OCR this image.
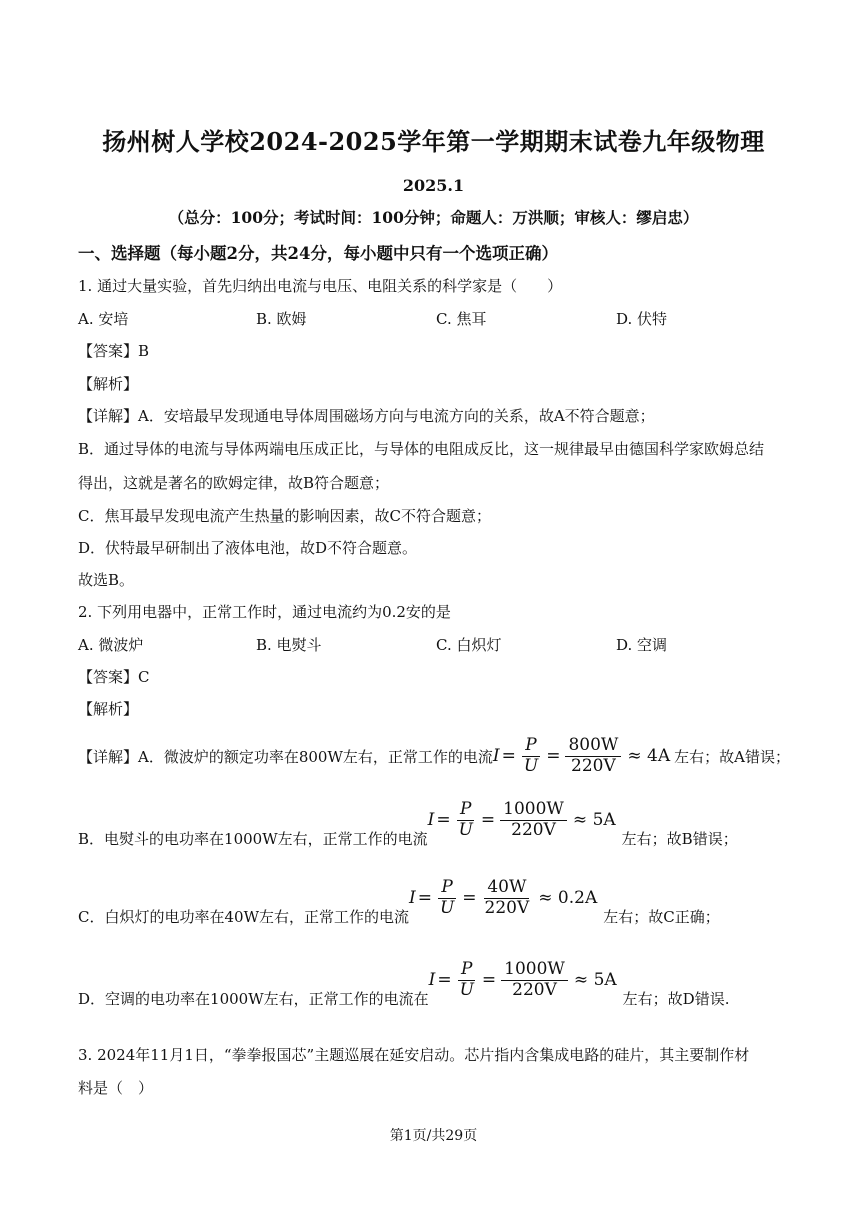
扬州树人学校2024-2025学年第一学期期末试卷九年级物理
2025.1
（总分：100分；考试时间：100分钟；命题人：万洪顺；审核人：缪启忠）
一、选择题（每小题2分，共24分，每小题中只有一个选项正确）
1. 通过大量实验，首先归纳出电流与电压、电阻关系的科学家是（　　）
A. 安培	B. 欧姆	C. 焦耳	D. 伏特
【答案】B
【解析】
【详解】A．安培最早发现通电导体周围磁场方向与电流方向的关系，故A不符合题意；
B．通过导体的电流与导体两端电压成正比，与导体的电阻成反比，这一规律最早由德国科学家欧姆总结
得出，这就是著名的欧姆定律，故B符合题意；
C．焦耳最早发现电流产生热量的影响因素，故C不符合题意；
D．伏特最早研制出了液体电池，故D不符合题意。
故选B。
2. 下列用电器中，正常工作时，通过电流约为0.2安的是
A. 微波炉	B. 电熨斗	C. 白炽灯	D. 空调
【答案】C
【解析】
【详解】A．微波炉的额定功率在800W左右，正常工作的电流 $I = \frac{P}{U} = \frac{800W}{220V} \approx 4A$ 左右；故A错误；
B．电熨斗的电功率在1000W左右，正常工作的电流
$I = \frac{P}{U} = \frac{1000W}{220V} \approx 5A$
左右；故B错误；
C．白炽灯的电功率在40W左右，正常工作的电流
$I = \frac{P}{U} = \frac{40W}{220V} \approx 0.2A$
左右；故C正确；
D．空调的电功率在1000W左右，正常工作的电流在
$I = \frac{P}{U} = \frac{1000W}{220V} \approx 5A$
左右；故D错误.
3. 2024年11月1日，“拳拳报国芯”主题巡展在延安启动。芯片指内含集成电路的硅片，其主要制作材
料是（　）
第1页/共29页
